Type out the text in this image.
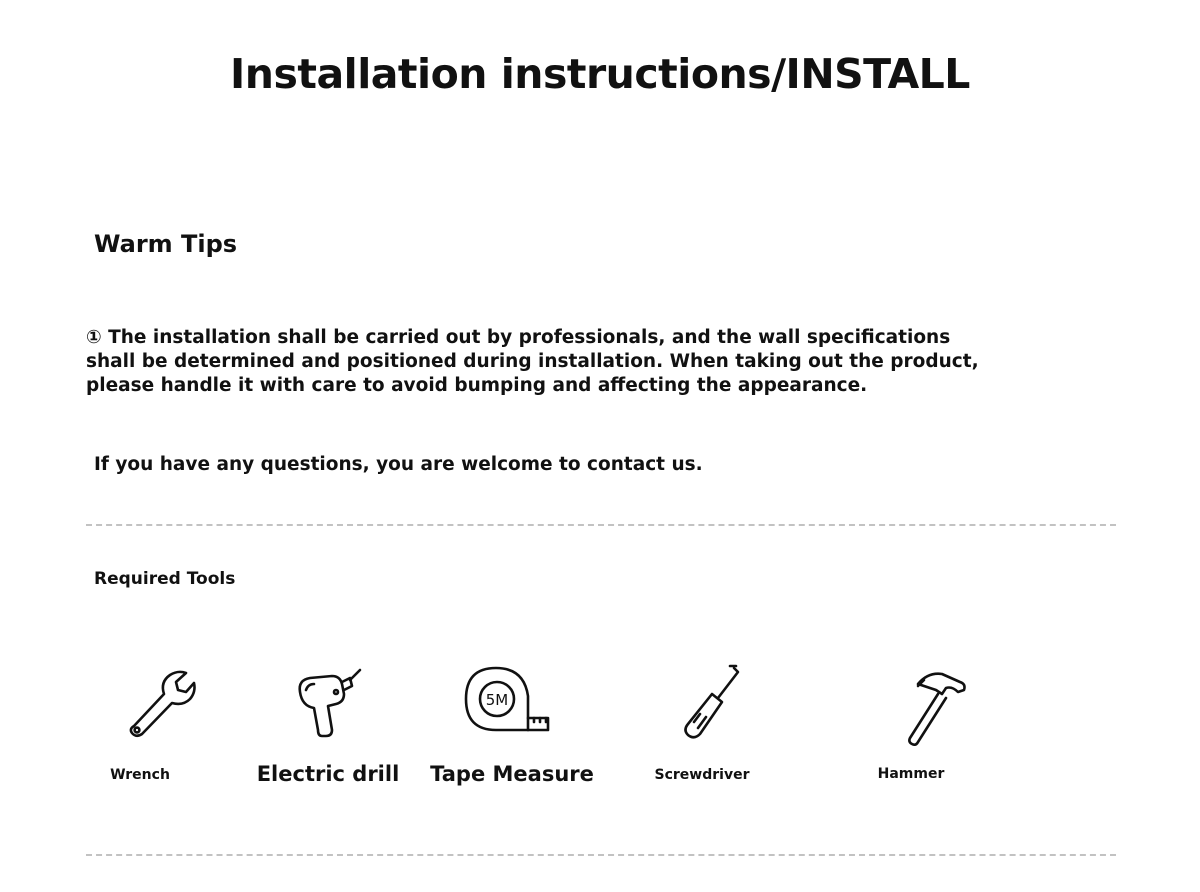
Installation instructions/INSTALL
Warm Tips

① The installation shall be carried out by professionals, and the wall specifications shall be determined and positioned during installation. When taking out the product, please handle it with care to avoid bumping and affecting the appearance.

If you have any questions, you are welcome to contact us.

Required Tools
Wrench	Electric drill
5M
Tape Measure	Screwdriver	Hammer
